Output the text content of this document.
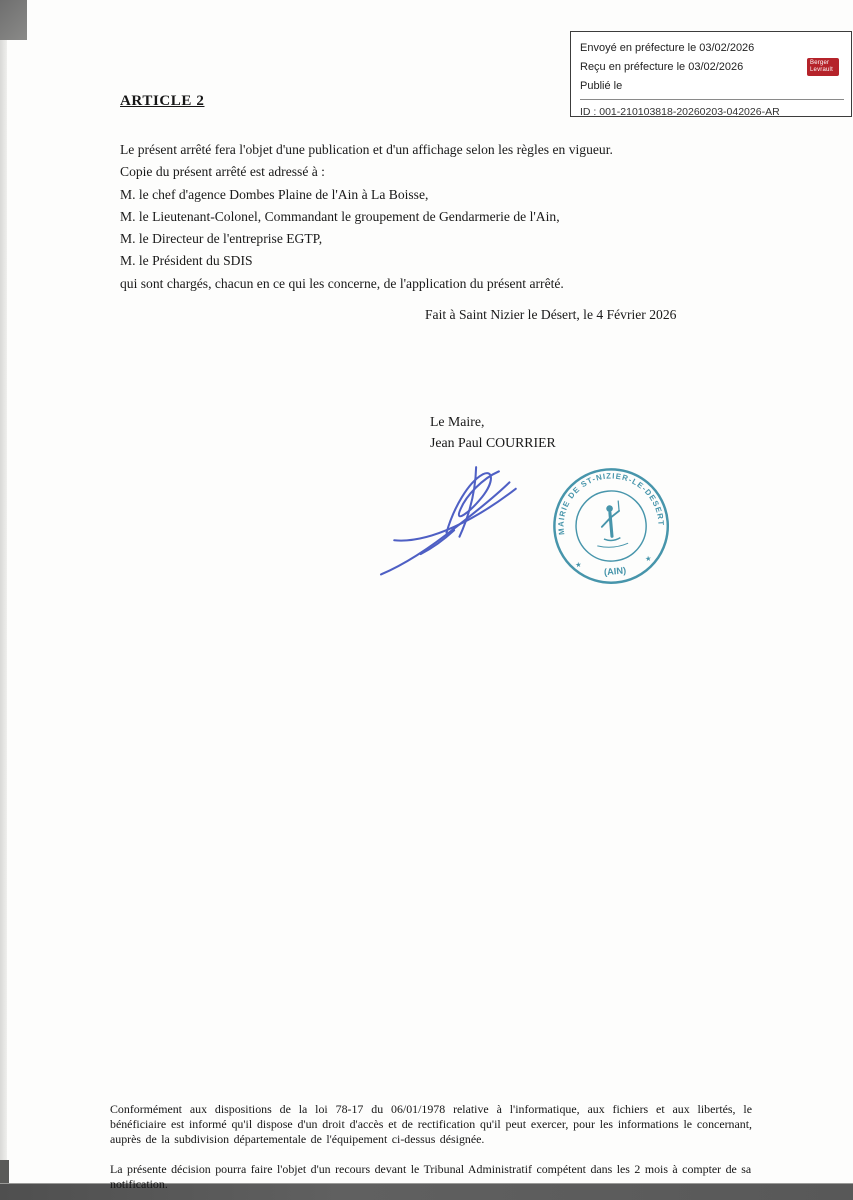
Envoyé en préfecture le 03/02/2026
Reçu en préfecture le 03/02/2026
Publié le
ID : 001-210103818-20260203-042026-AR
Berger
Levrault
ARTICLE 2
Le présent arrêté fera l'objet d'une publication et d'un affichage selon les règles en vigueur.
Copie du présent arrêté est adressé à :
M. le chef d'agence Dombes Plaine de l'Ain à La Boisse,
M. le Lieutenant-Colonel, Commandant le groupement de Gendarmerie de l'Ain,
M. le Directeur de l'entreprise EGTP,
M. le Président du SDIS
qui sont chargés, chacun en ce qui les concerne, de l'application du présent arrêté.
Fait à Saint Nizier le Désert, le 4 Février 2026
Le Maire,
Jean Paul COURRIER
MAIRIE DE ST-NIZIER-LE-DESERT
(AIN)
★
★
Conformément aux dispositions de la loi 78-17 du 06/01/1978 relative à l'informatique, aux fichiers et aux libertés, le bénéficiaire est informé qu'il dispose d'un droit d'accès et de rectification qu'il peut exercer, pour les informations le concernant, auprès de la subdivision départementale de l'équipement ci-dessus désignée.
La présente décision pourra faire l'objet d'un recours devant le Tribunal Administratif compétent dans les 2 mois à compter de sa notification.
